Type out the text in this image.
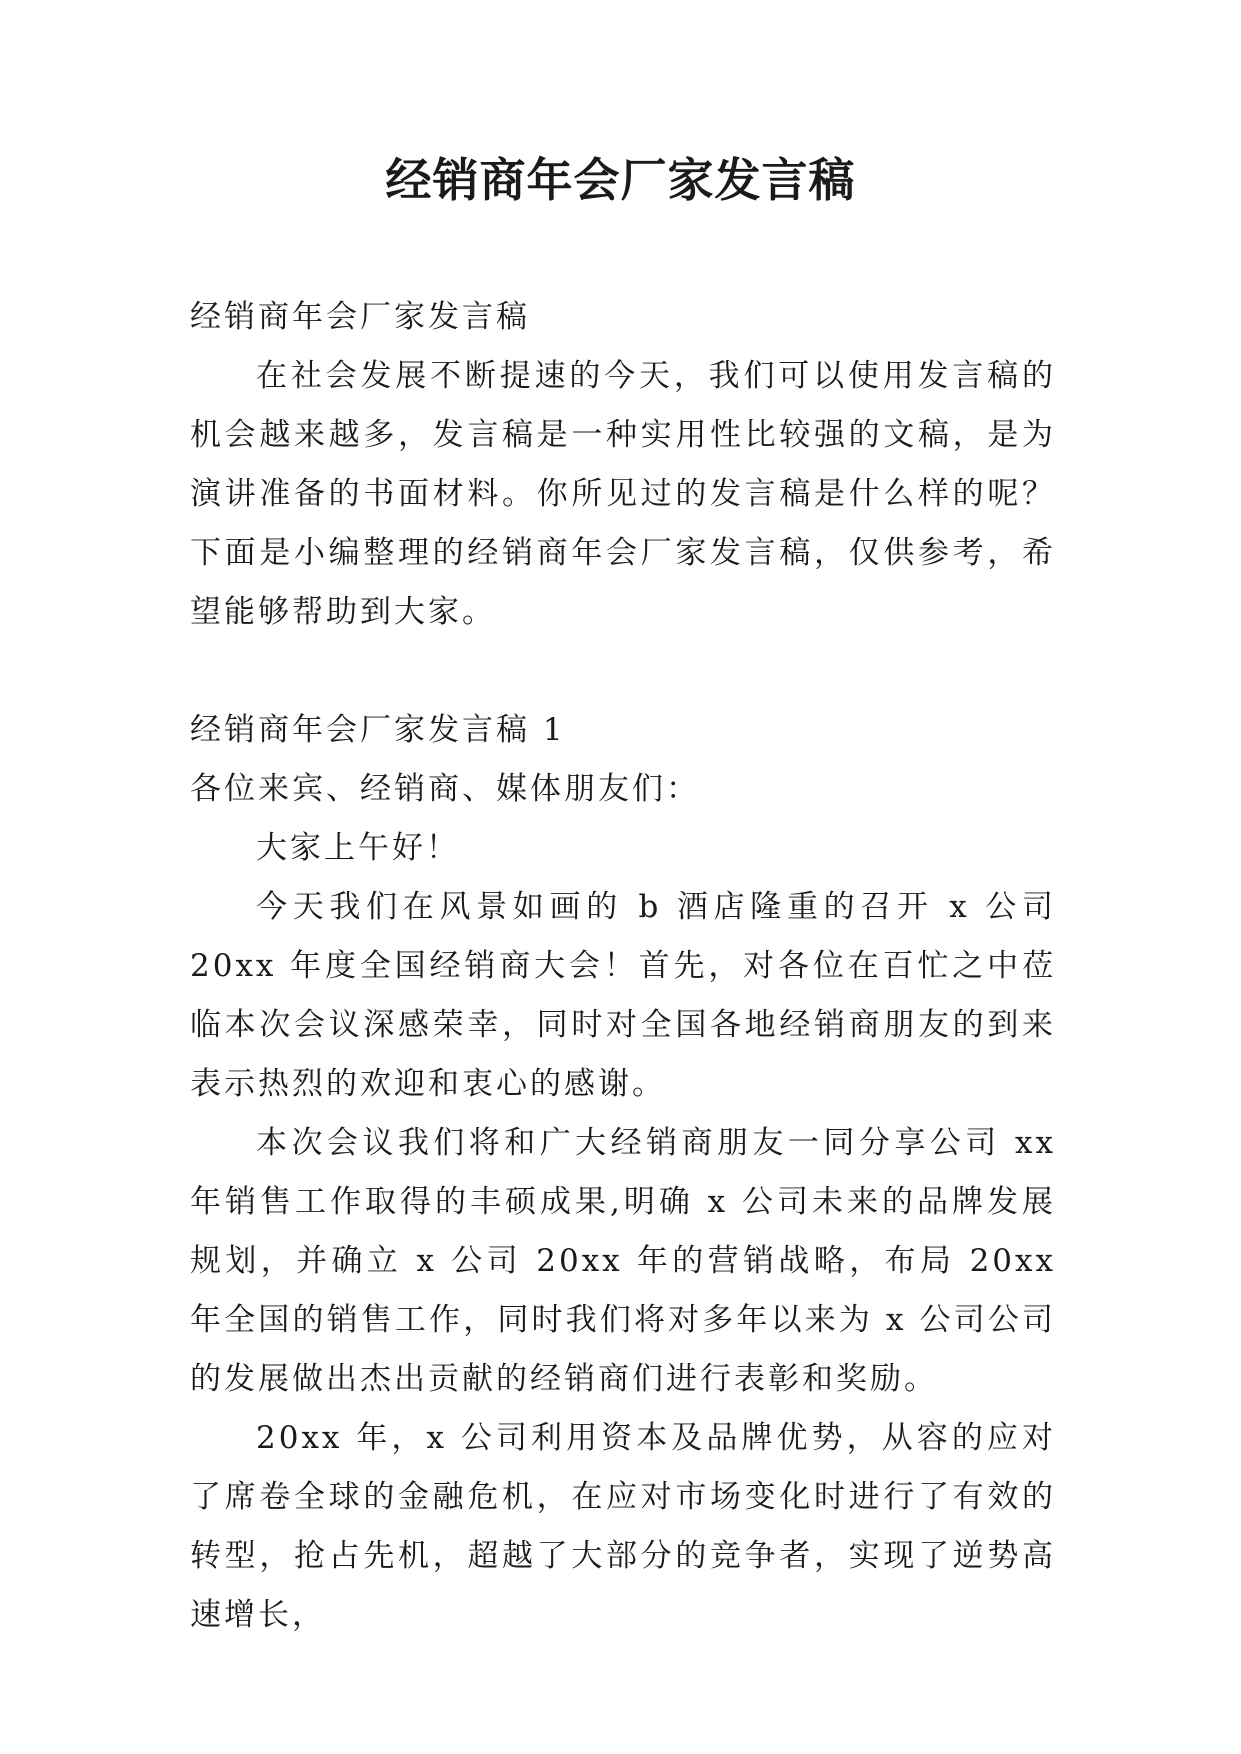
经销商年会厂家发言稿

经销商年会厂家发言稿

在社会发展不断提速的今天，我们可以使用发言稿的机会越来越多，发言稿是一种实用性比较强的文稿，是为演讲准备的书面材料。你所见过的发言稿是什么样的呢？下面是小编整理的经销商年会厂家发言稿，仅供参考，希望能够帮助到大家。

经销商年会厂家发言稿 1

各位来宾、经销商、媒体朋友们：

大家上午好！

今天我们在风景如画的 b 酒店隆重的召开 x 公司 20xx 年度全国经销商大会！首先，对各位在百忙之中莅临本次会议深感荣幸，同时对全国各地经销商朋友的到来表示热烈的欢迎和衷心的感谢。

本次会议我们将和广大经销商朋友一同分享公司 xx 年销售工作取得的丰硕成果,明确 x 公司未来的品牌发展规划，并确立 x 公司 20xx 年的营销战略，布局 20xx 年全国的销售工作，同时我们将对多年以来为 x 公司公司的发展做出杰出贡献的经销商们进行表彰和奖励。

20xx 年，x 公司利用资本及品牌优势，从容的应对了席卷全球的金融危机，在应对市场变化时进行了有效的转型，抢占先机，超越了大部分的竞争者，实现了逆势高速增长，
